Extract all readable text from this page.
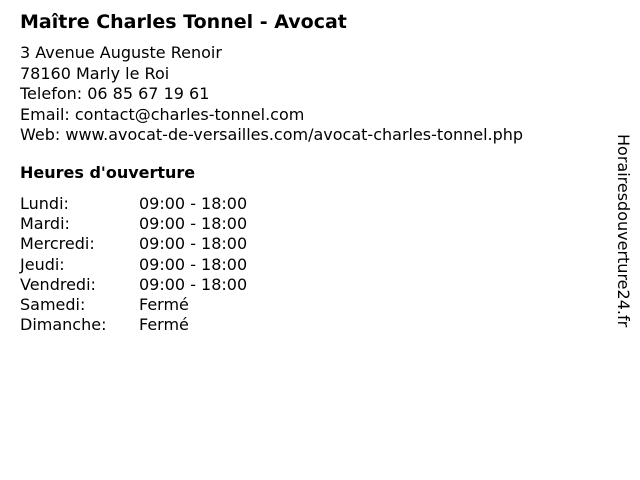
Maître Charles Tonnel - Avocat
3 Avenue Auguste Renoir
78160 Marly le Roi
Telefon: 06 85 67 19 61
Email: contact@charles-tonnel.com
Web: www.avocat-de-versailles.com/avocat-charles-tonnel.php
Heures d'ouverture
Lundi:	09:00 - 18:00
Mardi:	09:00 - 18:00
Mercredi:	09:00 - 18:00
Jeudi:	09:00 - 18:00
Vendredi:	09:00 - 18:00
Samedi:	Fermé
Dimanche: Fermé	Horairesdouverture24.fr
